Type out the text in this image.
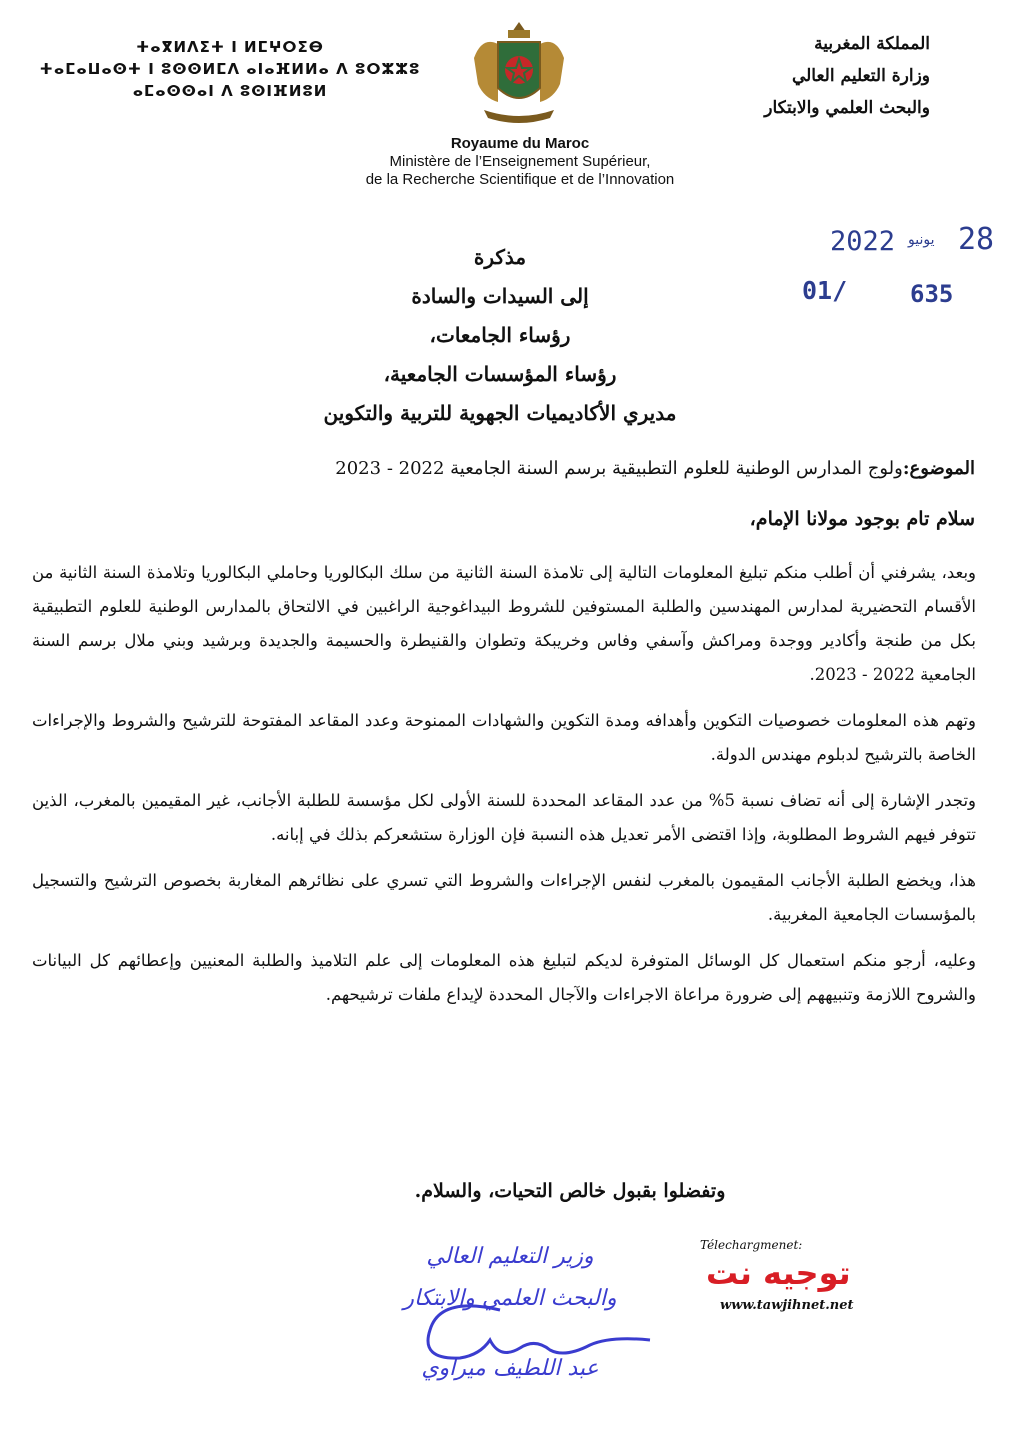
ⵜⴰⴳⵍⴷⵉⵜ ⵏ ⵍⵎⵖⵔⵉⴱ
ⵜⴰⵎⴰⵡⴰⵙⵜ ⵏ ⵓⵙⵙⵍⵎⴷ ⴰⵏⴰⴼⵍⵍⴰ ⴷ ⵓⵔⵣⵣⵓ
ⴰⵎⴰⵙⵙⴰⵏ ⴷ ⵓⵙⵏⴼⵍⵓⵍ
المملكة المغربية
وزارة التعليم العالي
والبحث العلمي والابتكار
Royaume du Maroc
Ministère de l’Enseignement Supérieur,
de la Recherche Scientifique et de l’Innovation
2022 يونيو 28
01/	635
مذكرة
إلى السيدات والسادة
رؤساء الجامعات،
رؤساء المؤسسات الجامعية،
مديري الأكاديميات الجهوية للتربية والتكوين
الموضوع:ولوج المدارس الوطنية للعلوم التطبيقية برسم السنة الجامعية 2022 - 2023
سلام تام بوجود مولانا الإمام،

وبعد، يشرفني أن أطلب منكم تبليغ المعلومات التالية إلى تلامذة السنة الثانية من سلك البكالوريا وحاملي البكالوريا وتلامذة السنة الثانية من الأقسام التحضيرية لمدارس المهندسين والطلبة المستوفين للشروط البيداغوجية الراغبين في الالتحاق بالمدارس الوطنية للعلوم التطبيقية بكل من طنجة وأكادير ووجدة ومراكش وآسفي وفاس وخريبكة وتطوان والقنيطرة والحسيمة والجديدة وبرشيد وبني ملال برسم السنة الجامعية 2022 - 2023.

وتهم هذه المعلومات خصوصيات التكوين وأهدافه ومدة التكوين والشهادات الممنوحة وعدد المقاعد المفتوحة للترشيح والشروط والإجراءات الخاصة بالترشيح لدبلوم مهندس الدولة.

وتجدر الإشارة إلى أنه تضاف نسبة 5% من عدد المقاعد المحددة للسنة الأولى لكل مؤسسة للطلبة الأجانب، غير المقيمين بالمغرب، الذين تتوفر فيهم الشروط المطلوبة، وإذا اقتضى الأمر تعديل هذه النسبة فإن الوزارة ستشعركم بذلك في إبانه.

هذا، ويخضع الطلبة الأجانب المقيمون بالمغرب لنفس الإجراءات والشروط التي تسري على نظائرهم المغاربة بخصوص الترشيح والتسجيل بالمؤسسات الجامعية المغربية.

وعليه، أرجو منكم استعمال كل الوسائل المتوفرة لديكم لتبليغ هذه المعلومات إلى علم التلاميذ والطلبة المعنيين وإعطائهم كل البيانات والشروح اللازمة وتنبيههم إلى ضرورة مراعاة الاجراءات والآجال المحددة لإيداع ملفات ترشيحهم.

وتفضلوا بقبول خالص التحيات، والسلام.
وزير التعليم العالي
والبحث العلمي والابتكار
عبد اللطيف ميراوي
Télechargmenet:
توجيه نت
www.tawjihnet.net
